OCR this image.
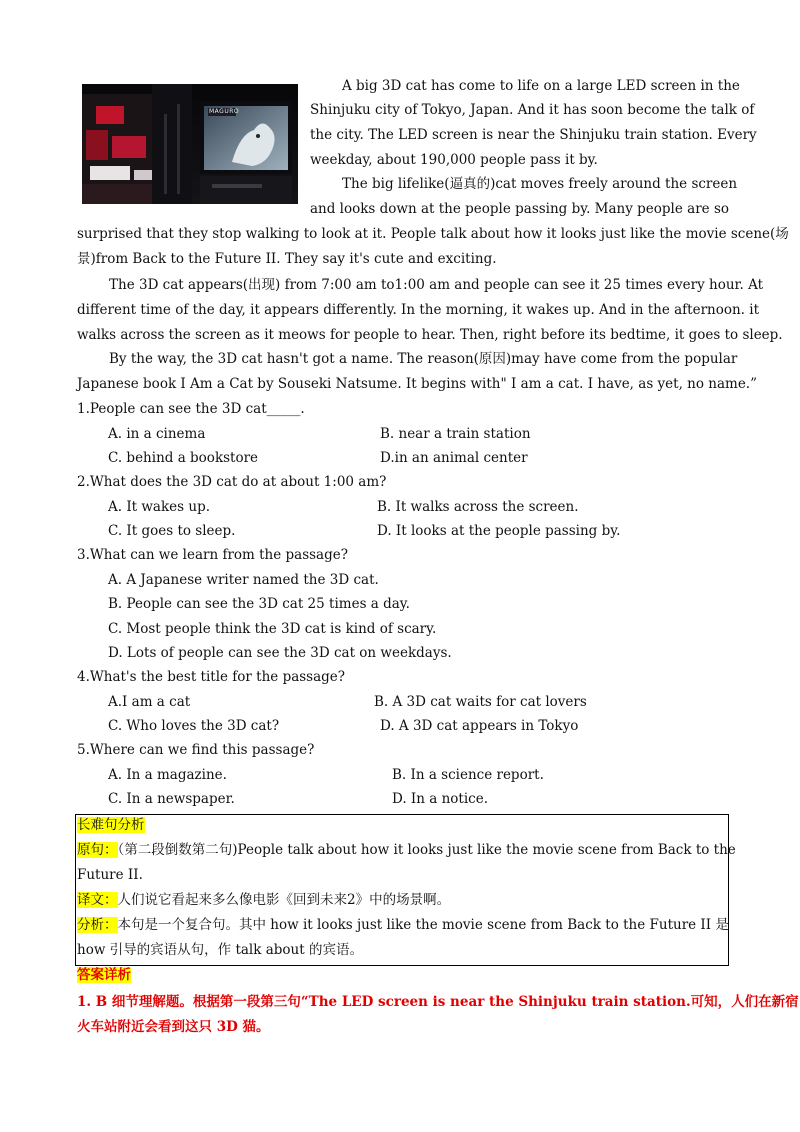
MAGURO
A big 3D cat has come to life on a large LED screen in the
Shinjuku city of Tokyo, Japan. And it has soon become the talk of
the city. The LED screen is near the Shinjuku train station. Every
weekday, about 190,000 people pass it by.
The big lifelike(逼真的)cat moves freely around the screen
and looks down at the people passing by. Many people are so
surprised that they stop walking to look at it. People talk about how it looks just like the movie scene(场
景)from Back to the Future II. They say it's cute and exciting.
The 3D cat appears(出现) from 7:00 am to1:00 am and people can see it 25 times every hour. At
different time of the day, it appears differently. In the morning, it wakes up. And in the afternoon. it
walks across the screen as it meows for people to hear. Then, right before its bedtime, it goes to sleep.
By the way, the 3D cat hasn't got a name. The reason(原因)may have come from the popular
Japanese book I Am a Cat by Souseki Natsume. It begins with" I am a cat. I have, as yet, no name.”
1.People can see the 3D cat_____.
A. in a cinema	B. near a train station
C. behind a bookstore	D.in an animal center
2.What does the 3D cat do at about 1:00 am?
A. It wakes up.	B. It walks across the screen.
C. It goes to sleep.	D. It looks at the people passing by.
3.What can we learn from the passage?
A. A Japanese writer named the 3D cat.
B. People can see the 3D cat 25 times a day.
C. Most people think the 3D cat is kind of scary.
D. Lots of people can see the 3D cat on weekdays.
4.What's the best title for the passage?
A.I am a cat	B. A 3D cat waits for cat lovers
C. Who loves the 3D cat?	D. A 3D cat appears in Tokyo
5.Where can we find this passage?
A. In a magazine.	B. In a science report.
C. In a newspaper.	D. In a notice.
长难句分析
原句：（第二段倒数第二句)People talk about how it looks just like the movie scene from Back to the
Future II.
译文：人们说它看起来多么像电影《回到未来2》中的场景啊。
分析：本句是一个复合句。其中 how it looks just like the movie scene from Back to the Future II 是
how 引导的宾语从句，作 talk about 的宾语。
答案详析
1. B 细节理解题。根据第一段第三句“The LED screen is near the Shinjuku train station.可知，人们在新宿
火车站附近会看到这只 3D 猫。
